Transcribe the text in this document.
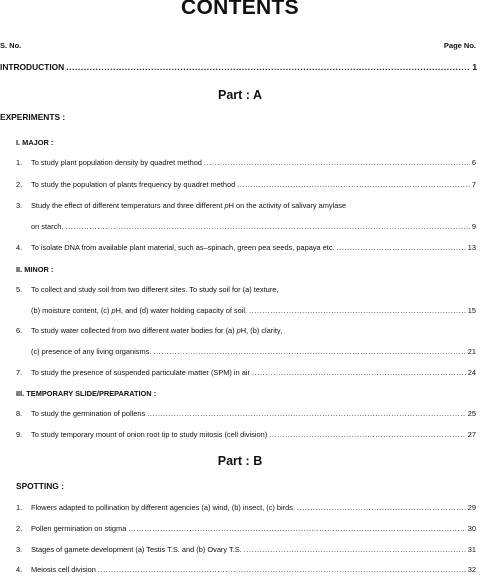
CONTENTS
S. No.	Page No.
INTRODUCTION .....	1
Part : A
EXPERIMENTS :
I. MAJOR :
1.	To study plant population density by quadret method .....	6
2.	To study the population of plants frequency by quadret method .....	7
3. Study the effect of different temperaturs and three different pH on the activity of salivary amylase
on starch. .....	9
4.	To isolate DNA from available plant material, such as–spinach, green pea seeds, papaya etc. .....	13
II. MINOR :
5. To collect and study soil from two different sites. To study soil for (a) texture,
(b) moisture content, (c) pH, and (d) water holding capacity of soil. .....	15
6. To study water collected from two different water bodies for (a) pH, (b) clarity,
(c) presence of any living organisms. .....	21
7.	To study the presence of suspended particulate matter (SPM) in air .....	24
III. TEMPORARY SLIDE/PREPARATION :
8.	To study the germination of pollens .....	25
9.	To study temporary mount of onion root tip to study mitosis (cell division) .....	27
Part : B
SPOTTING :
1.	Flowers adapted to pollination by different agencies (a) wind, (b) insect, (c) birds. .....	29
2.	Pollen germination on stigma .....	30
3.	Stages of gamete development (a) Testis T.S. and (b) Ovary T.S. .....	31
4.	Meiosis cell division .....	32
